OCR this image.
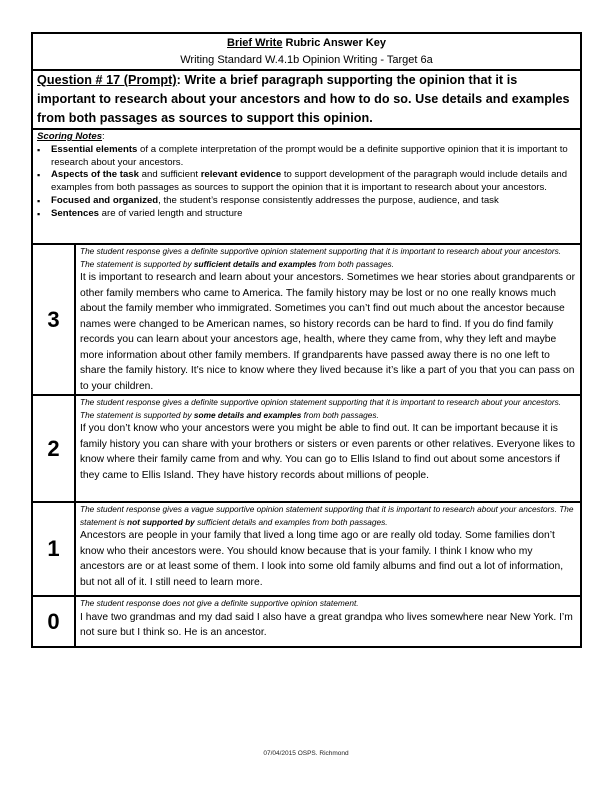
Brief Write Rubric Answer Key
Writing Standard W.4.1b Opinion Writing - Target 6a	

Question # 17 (Prompt): Write a brief paragraph supporting the opinion that it is important to research about your ancestors and how to do so. Use details and examples from both passages as sources to support this opinion.	

Scoring Notes:
▪ Essential elements of a complete interpretation of the prompt would be a definite supportive opinion that it is important to research about your ancestors.
▪ Aspects of the task and sufficient relevant evidence to support development of the paragraph would include details and examples from both passages as sources to support the opinion that it is important to research about your ancestors.
▪ Focused and organized, the student’s response consistently addresses the purpose, audience, and task
▪ Sentences are of varied length and structure

3	The student response gives a definite supportive opinion statement supporting that it is important to research about your ancestors. The statement is supported by sufficient details and examples from both passages.
It is important to research and learn about your ancestors. Sometimes we hear stories about grandparents or other family members who came to America. The family history may be lost or no one really knows much about the family member who immigrated. Sometimes you can’t find out much about the ancestor because names were changed to be American names, so history records can be hard to find. If you do find family records you can learn about your ancestors age, health, where they came from, why they left and maybe more information about other family members. If grandparents have passed away there is no one left to share the family history. It’s nice to know where they lived because it’s like a part of you that you can pass on to your children.

2	The student response gives a definite supportive opinion statement supporting that it is important to research about your ancestors. The statement is supported by some details and examples from both passages.
If you don’t know who your ancestors were you might be able to find out. It can be important because it is family history you can share with your brothers or sisters or even parents or other relatives. Everyone likes to know where their family came from and why. You can go to Ellis Island to find out about some ancestors if they came to Ellis Island. They have history records about millions of people.

1	The student response gives a vague supportive opinion statement supporting that it is important to research about your ancestors. The statement is not supported by sufficient details and examples from both passages.
Ancestors are people in your family that lived a long time ago or are really old today. Some families don’t know who their ancestors were. You should know because that is your family. I think I know who my ancestors are or at least some of them. I look into some old family albums and find out a lot of information, but not all of it. I still need to learn more.

0	The student response does not give a definite supportive opinion statement.
I have two grandmas and my dad said I also have a great grandpa who lives somewhere near New York. I’m not sure but I think so. He is an ancestor.
07/04/2015 OSPS. Richmond
